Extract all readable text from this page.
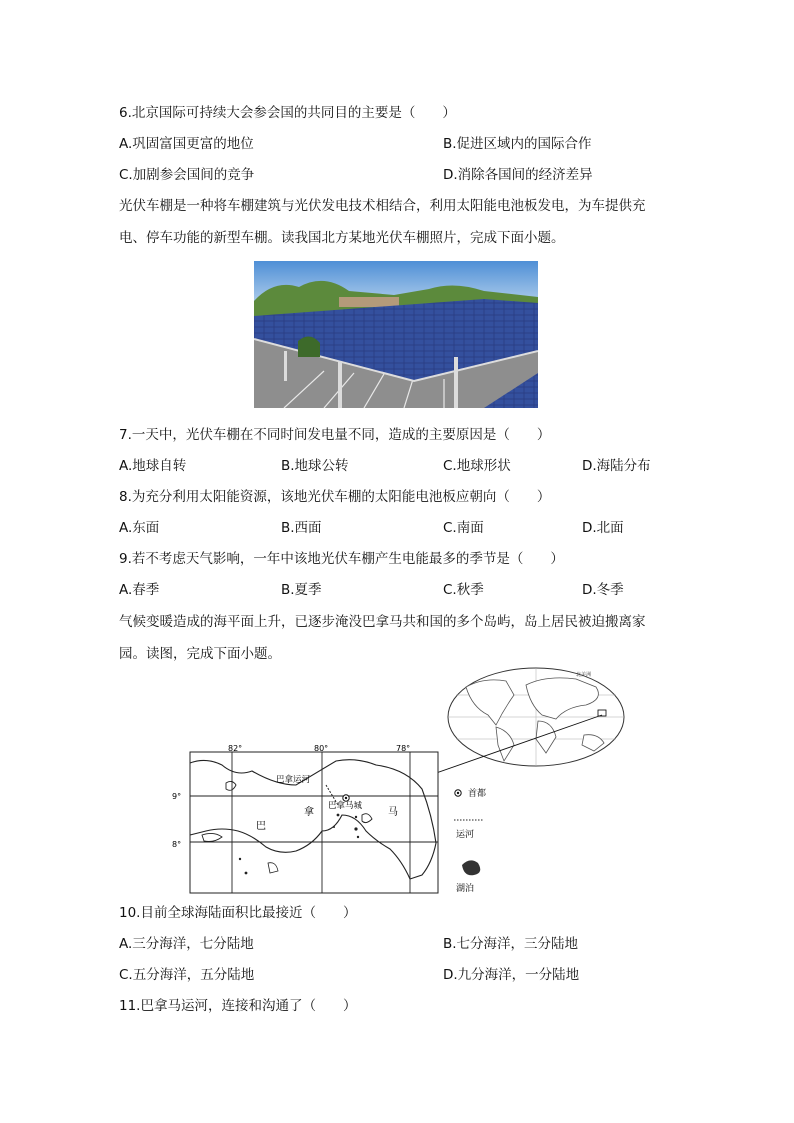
6.北京国际可持续大会参会国的共同目的主要是（　　）
A.巩固富国更富的地位	B.促进区域内的国际合作
C.加剧参会国间的竞争	D.消除各国间的经济差异
光伏车棚是一种将车棚建筑与光伏发电技术相结合，利用太阳能电池板发电，为车提供充
电、停车功能的新型车棚。读我国北方某地光伏车棚照片，完成下面小题。
7.一天中，光伏车棚在不同时间发电量不同，造成的主要原因是（　　）
A.地球自转	B.地球公转	C.地球形状	D.海陆分布
8.为充分利用太阳能资源，该地光伏车棚的太阳能电池板应朝向（　　）
A.东面	B.西面	C.南面	D.北面
9.若不考虑天气影响，一年中该地光伏车棚产生电能最多的季节是（　　）
A.春季	B.夏季	C.秋季	D.冬季
气候变暖造成的海平面上升，已逐步淹没巴拿马共和国的多个岛屿，岛上居民被迫搬离家
园。读图，完成下面小题。
北美洲
82°	80°	78°
9°
8°
巴拿运河
巴拿马城
巴
拿	马
首都
运河
湖泊
10.目前全球海陆面积比最接近（　　）
A.三分海洋，七分陆地	B.七分海洋，三分陆地
C.五分海洋，五分陆地	D.九分海洋，一分陆地
11.巴拿马运河，连接和沟通了（　　）
